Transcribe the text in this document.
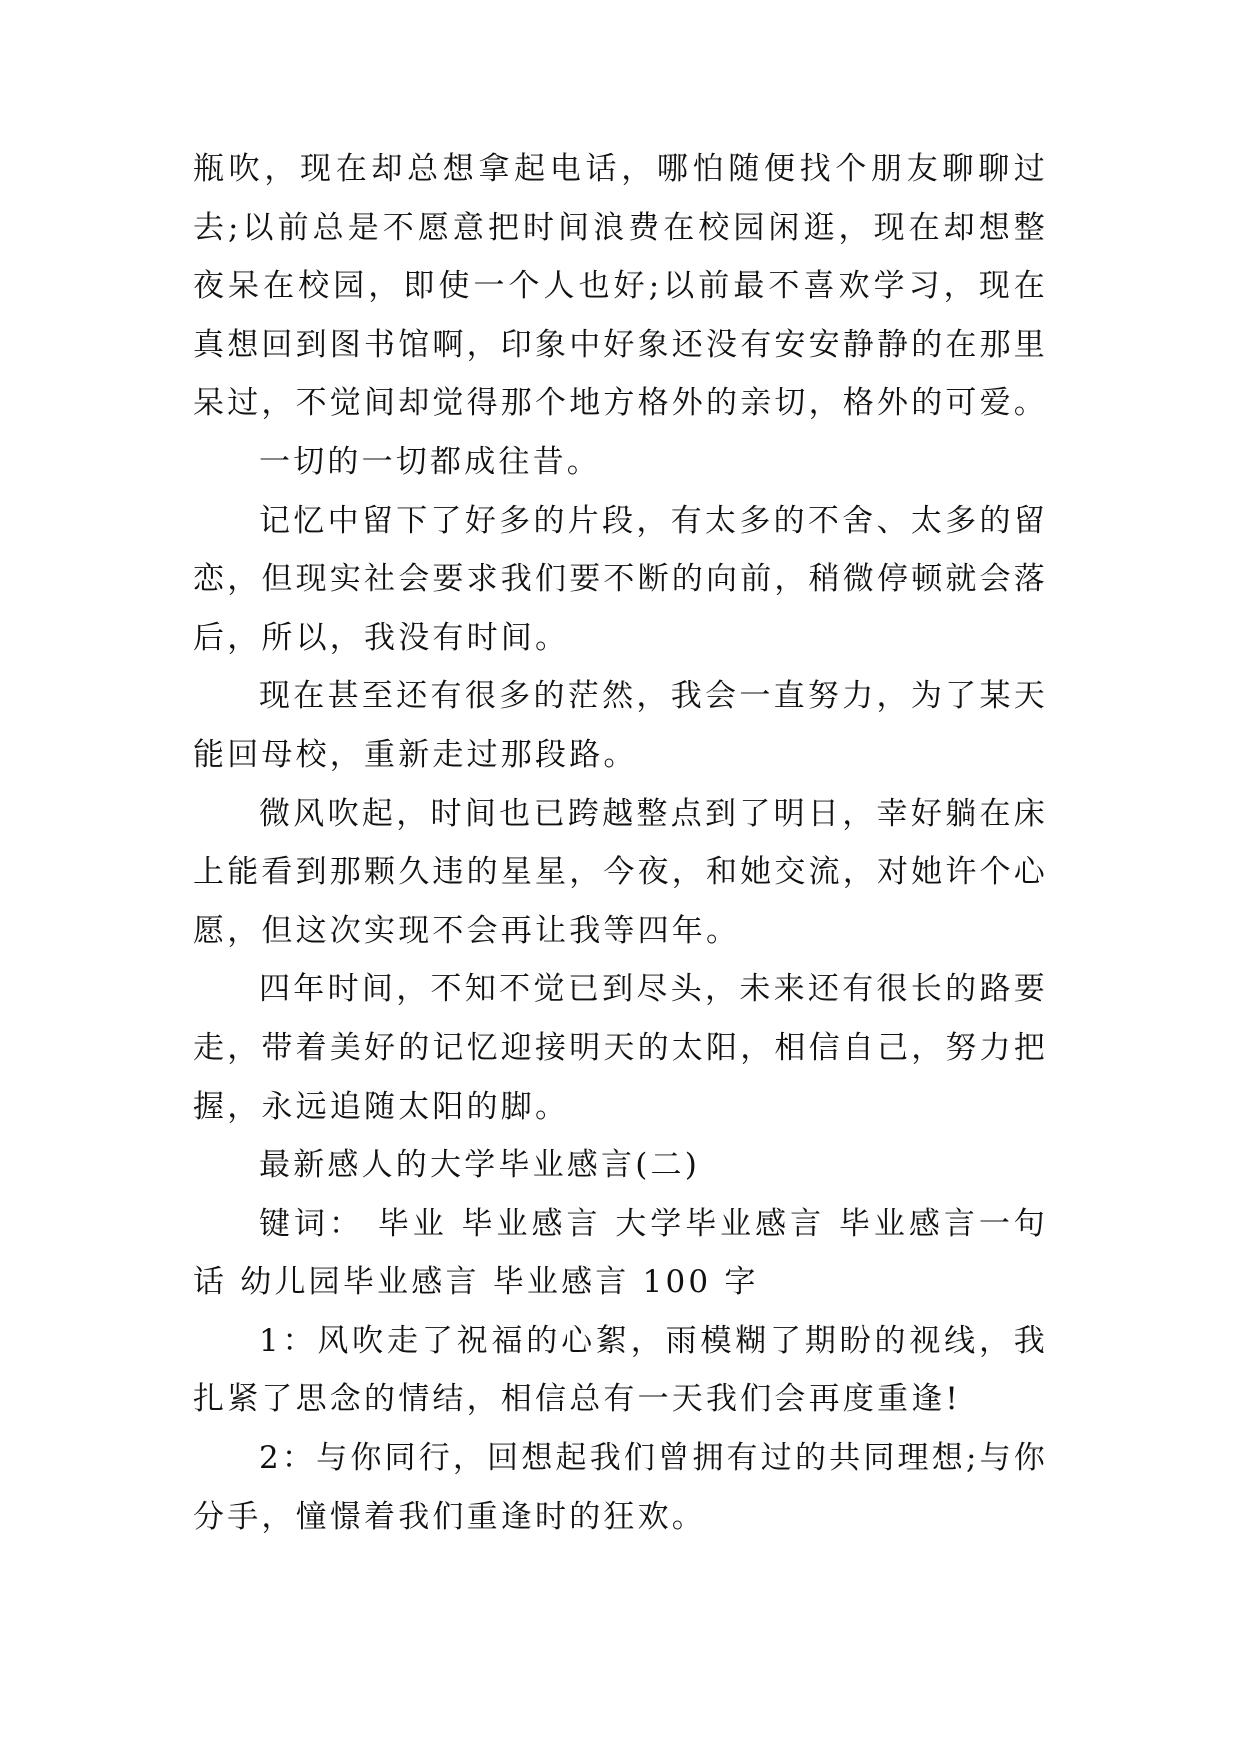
瓶吹，现在却总想拿起电话，哪怕随便找个朋友聊聊过去;以前总是不愿意把时间浪费在校园闲逛，现在却想整夜呆在校园，即使一个人也好;以前最不喜欢学习，现在真想回到图书馆啊，印象中好象还没有安安静静的在那里呆过，不觉间却觉得那个地方格外的亲切，格外的可爱。

一切的一切都成往昔。

记忆中留下了好多的片段，有太多的不舍、太多的留恋，但现实社会要求我们要不断的向前，稍微停顿就会落后，所以，我没有时间。

现在甚至还有很多的茫然，我会一直努力，为了某天能回母校，重新走过那段路。

微风吹起，时间也已跨越整点到了明日，幸好躺在床上能看到那颗久违的星星，今夜，和她交流，对她许个心愿，但这次实现不会再让我等四年。

四年时间，不知不觉已到尽头，未来还有很长的路要走，带着美好的记忆迎接明天的太阳，相信自己，努力把握，永远追随太阳的脚。

最新感人的大学毕业感言(二)

键词： 毕业 毕业感言 大学毕业感言 毕业感言一句话 幼儿园毕业感言 毕业感言 100 字

1：风吹走了祝福的心絮，雨模糊了期盼的视线，我扎紧了思念的情结，相信总有一天我们会再度重逢!

2：与你同行，回想起我们曾拥有过的共同理想;与你分手，憧憬着我们重逢时的狂欢。
